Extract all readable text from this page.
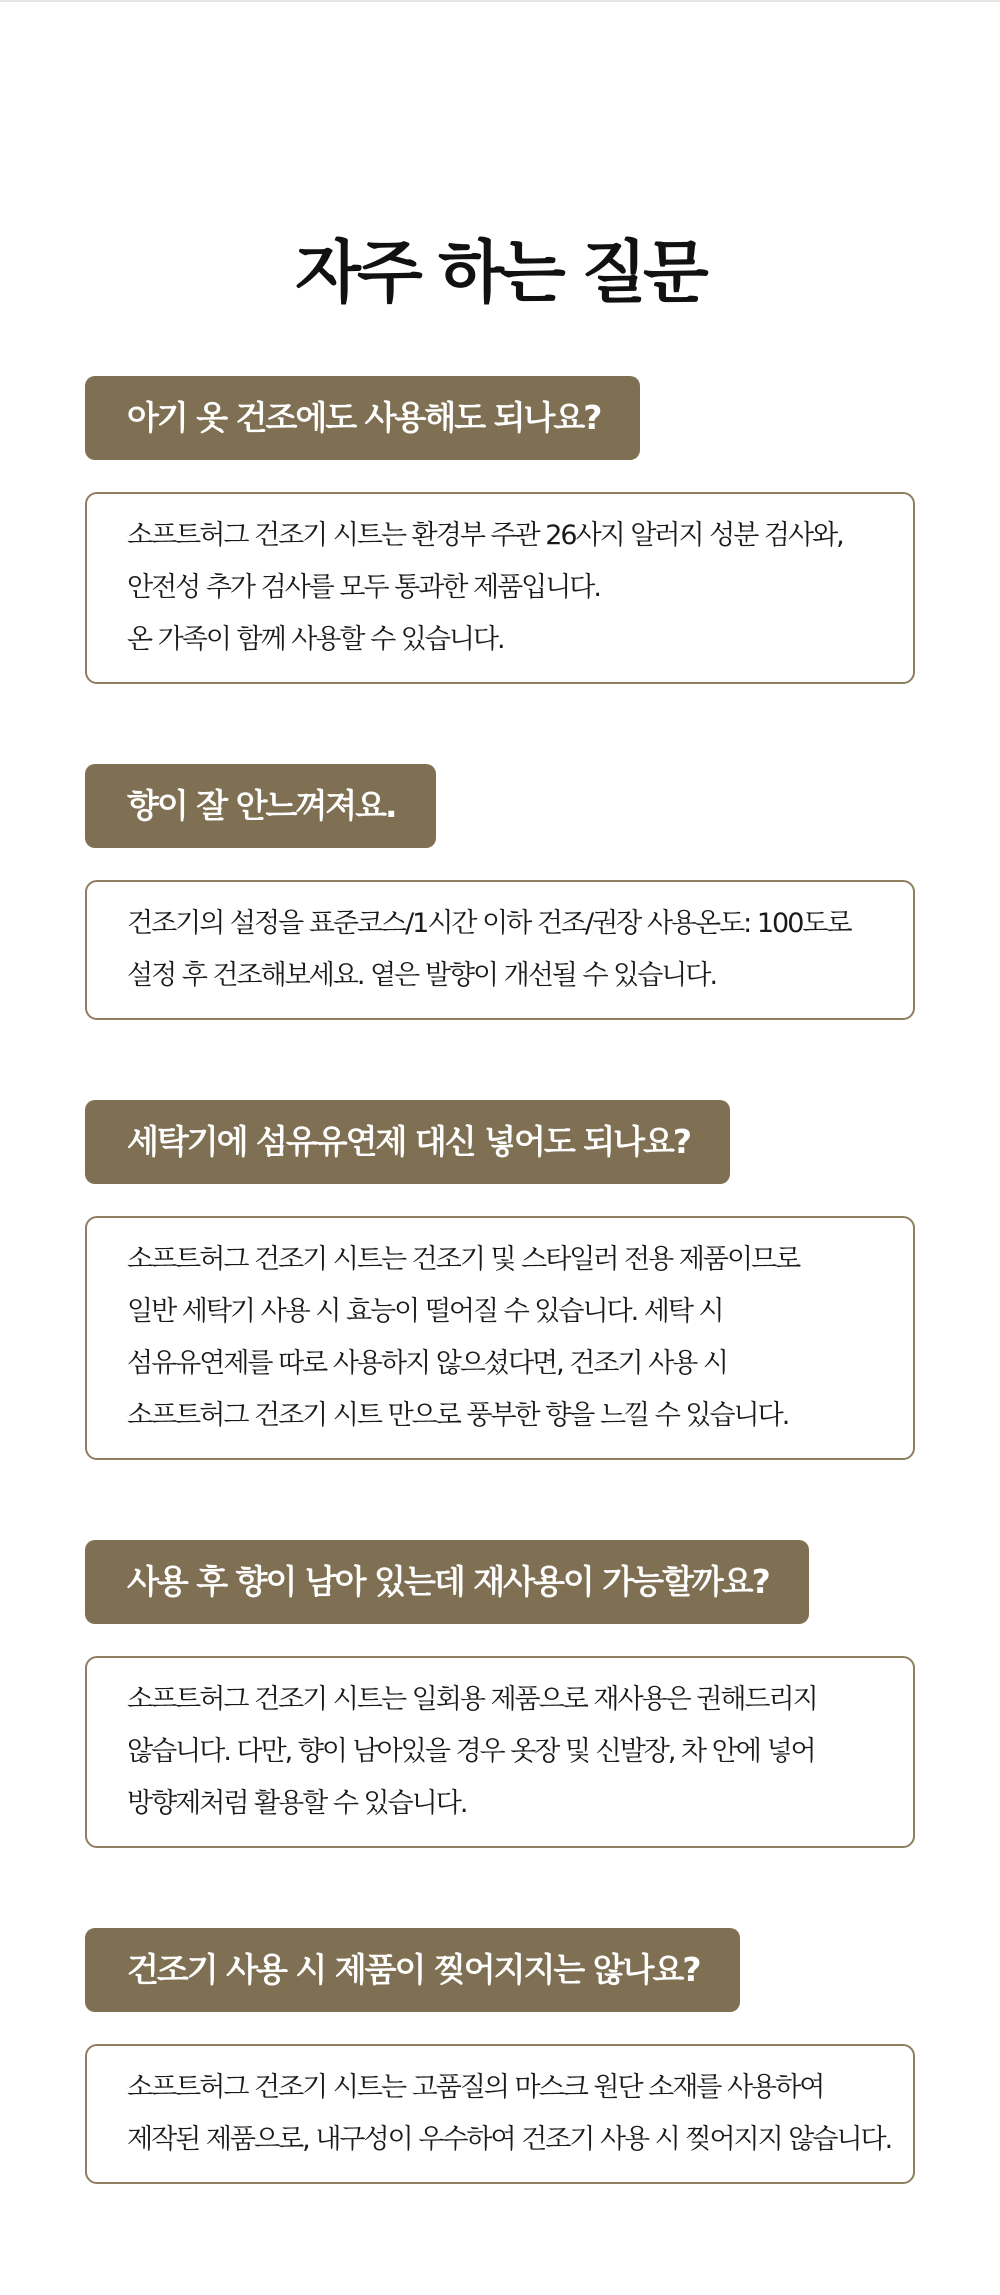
자주 하는 질문
아기 옷 건조에도 사용해도 되나요?
소프트허그 건조기 시트는 환경부 주관 26사지 알러지 성분 검사와,
안전성 추가 검사를 모두 통과한 제품입니다.
온 가족이 함께 사용할 수 있습니다.
향이 잘 안느껴져요.
건조기의 설정을 표준코스/1시간 이하 건조/권장 사용온도: 100도로
설정 후 건조해보세요. 옅은 발향이 개선될 수 있습니다.
세탁기에 섬유유연제 대신 넣어도 되나요?
소프트허그 건조기 시트는 건조기 및 스타일러 전용 제품이므로
일반 세탁기 사용 시 효능이 떨어질 수 있습니다. 세탁 시
섬유유연제를 따로 사용하지 않으셨다면, 건조기 사용 시
소프트허그 건조기 시트 만으로 풍부한 향을 느낄 수 있습니다.
사용 후 향이 남아 있는데 재사용이 가능할까요?
소프트허그 건조기 시트는 일회용 제품으로 재사용은 권해드리지
않습니다. 다만, 향이 남아있을 경우 옷장 및 신발장, 차 안에 넣어
방향제처럼 활용할 수 있습니다.
건조기 사용 시 제품이 찢어지지는 않나요?
소프트허그 건조기 시트는 고품질의 마스크 원단 소재를 사용하여
제작된 제품으로, 내구성이 우수하여 건조기 사용 시 찢어지지 않습니다.
